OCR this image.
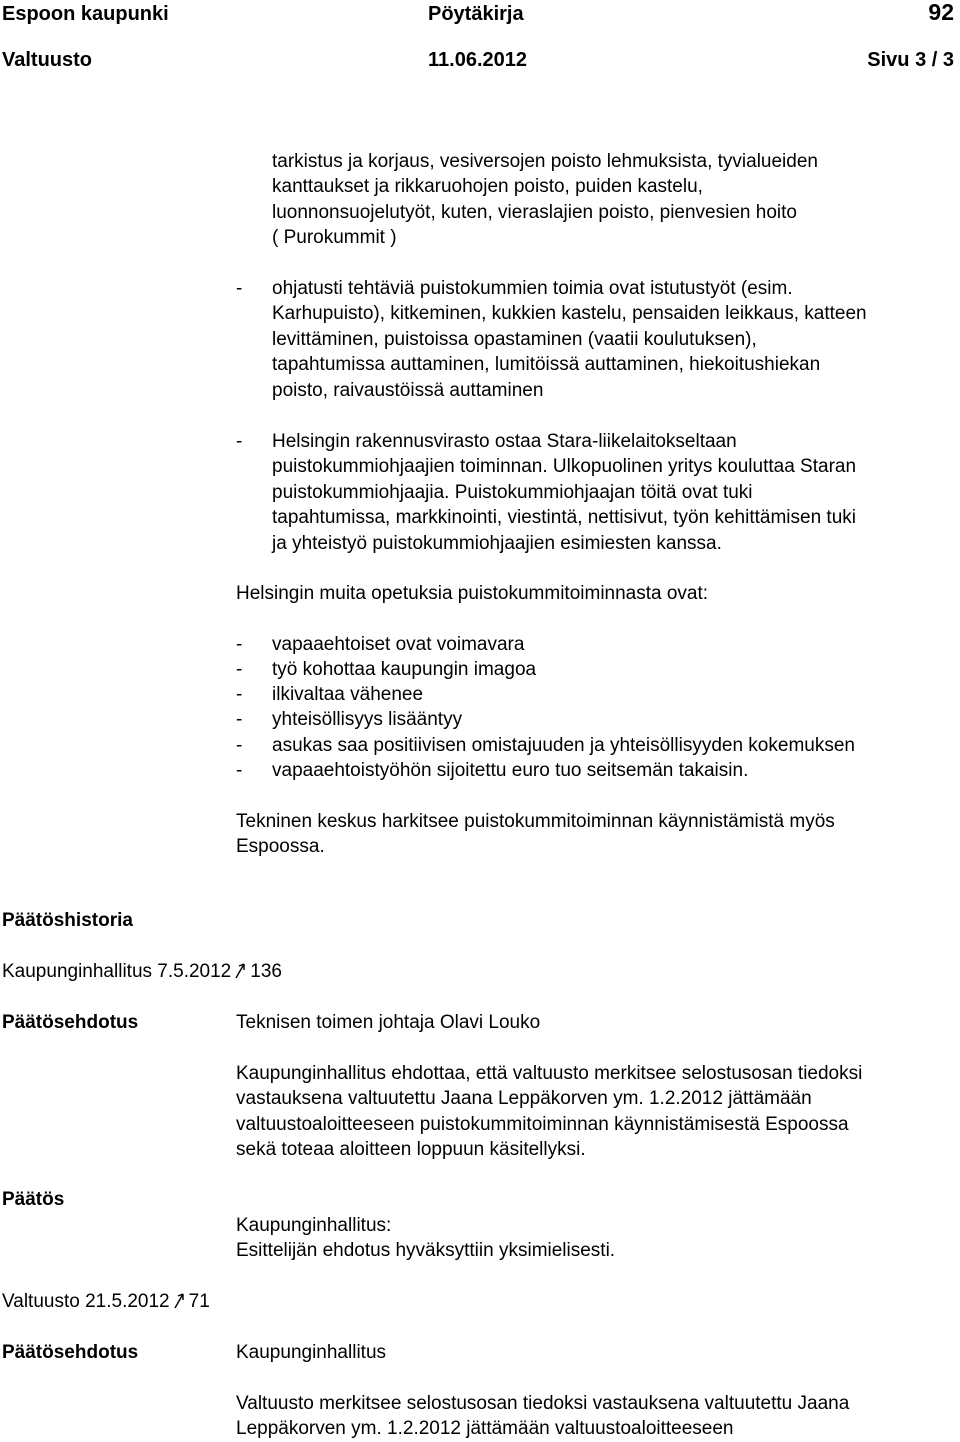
Espoon kaupunki	Pöytäkirja	92
Valtuusto	11.06.2012	Sivu 3 / 3
tarkistus ja korjaus, vesiversojen poisto lehmuksista, tyvialueiden
kanttaukset ja rikkaruohojen poisto, puiden kastelu,
luonnonsuojelutyöt, kuten, vieraslajien poisto, pienvesien hoito
( Purokummit )
- ohjatusti tehtäviä puistokummien toimia ovat istutustyöt (esim.
Karhupuisto), kitkeminen, kukkien kastelu, pensaiden leikkaus, katteen
levittäminen, puistoissa opastaminen (vaatii koulutuksen),
tapahtumissa auttaminen, lumitöissä auttaminen, hiekoitushiekan
poisto, raivaustöissä auttaminen
- Helsingin rakennusvirasto ostaa Stara-liikelaitokseltaan
puistokummiohjaajien toiminnan. Ulkopuolinen yritys kouluttaa Staran
puistokummiohjaajia. Puistokummiohjaajan töitä ovat tuki
tapahtumissa, markkinointi, viestintä, nettisivut, työn kehittämisen tuki
ja yhteistyö puistokummiohjaajien esimiesten kanssa.
Helsingin muita opetuksia puistokummitoiminnasta ovat:
- vapaaehtoiset ovat voimavara
- työ kohottaa kaupungin imagoa
- ilkivaltaa vähenee
- yhteisöllisyys lisääntyy
- asukas saa positiivisen omistajuuden ja yhteisöllisyyden kokemuksen
- vapaaehtoistyöhön sijoitettu euro tuo seitsemän takaisin.
Tekninen keskus harkitsee puistokummitoiminnan käynnistämistä myös
Espoossa.
Päätöshistoria
Kaupunginhallitus 7.5.2012 136
Päätösehdotus	Teknisen toimen johtaja Olavi Louko
Kaupunginhallitus ehdottaa, että valtuusto merkitsee selostusosan tiedoksi
vastauksena valtuutettu Jaana Leppäkorven ym. 1.2.2012 jättämään
valtuustoaloitteeseen puistokummitoiminnan käynnistämisestä Espoossa
sekä toteaa aloitteen loppuun käsitellyksi.
Päätös
Kaupunginhallitus:
Esittelijän ehdotus hyväksyttiin yksimielisesti.
Valtuusto 21.5.2012 71
Päätösehdotus	Kaupunginhallitus
Valtuusto merkitsee selostusosan tiedoksi vastauksena valtuutettu Jaana
Leppäkorven ym. 1.2.2012 jättämään valtuustoaloitteeseen
